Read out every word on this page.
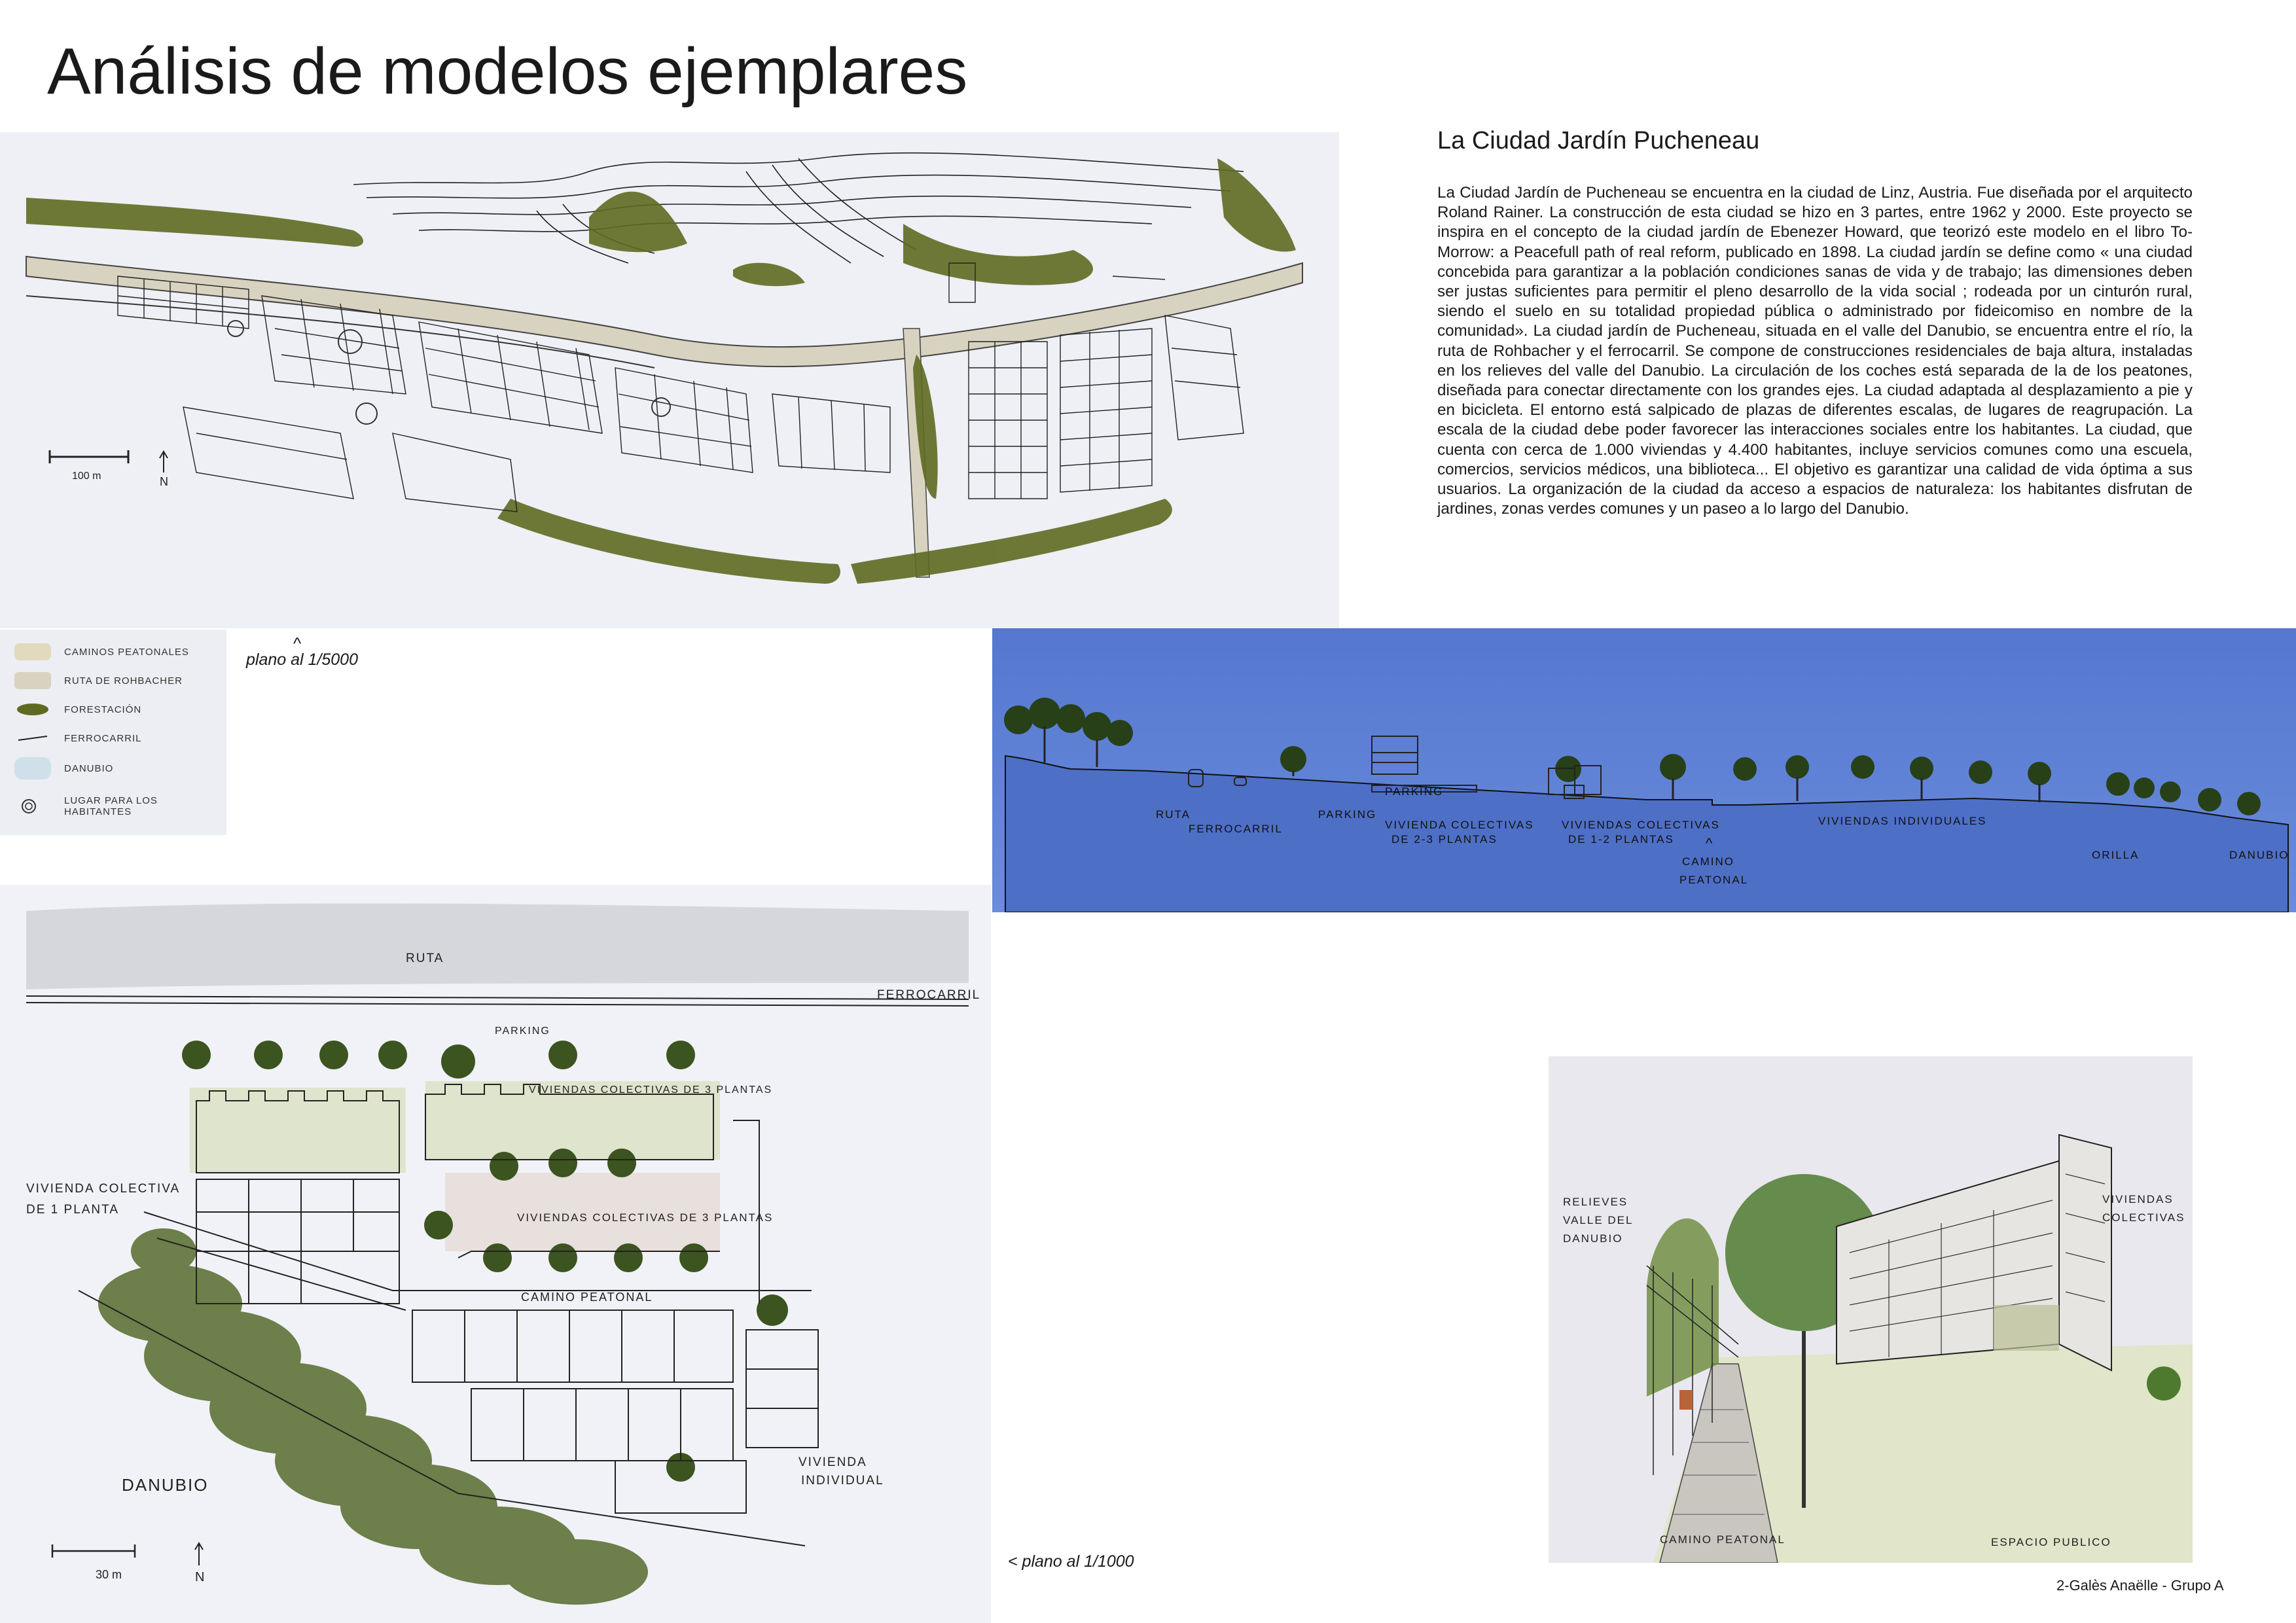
Análisis de modelos ejemplares
100 m	N
La Ciudad Jardín Pucheneau

La Ciudad Jardín de Pucheneau se encuentra en la ciudad de Linz, Austria. Fue diseñada por el arquitecto Roland Rainer. La construcción de esta ciudad se hizo en 3 partes, entre 1962 y 2000. Este proyecto se inspira en el concepto de la ciudad jardín de Ebenezer Howard, que teorizó este modelo en el libro To-Morrow: a Peacefull path of real reform, publicado en 1898. La ciudad jardín se define como « una ciudad concebida para garantizar a la población condiciones sanas de vida y de trabajo; las dimensiones deben ser justas suficientes para permitir el pleno desarrollo de la vida social ; rodeada por un cinturón rural, siendo el suelo en su totalidad propiedad pública o administrado por fideicomiso en nombre de la comunidad». La ciudad jardín de Pucheneau, situada en el valle del Danubio, se encuentra entre el río, la ruta de Rohbacher y el ferrocarril. Se compone de construcciones residenciales de baja altura, instaladas en los relieves del valle del Danubio. La circulación de los coches está separada de la de los peatones, diseñada para conectar directamente con los grandes ejes. La ciudad adaptada al desplazamiento a pie y en bicicleta. El entorno está salpicado de plazas de diferentes escalas, de lugares de reagrupación. La escala de la ciudad debe poder favorecer las interacciones sociales entre los habitantes. La ciudad, que cuenta con cerca de 1.000 viviendas y 4.400 habitantes, incluye servicios comunes como una escuela, comercios, servicios médicos, una biblioteca... El objetivo es garantizar una calidad de vida óptima a sus usuarios. La organización de la ciudad da acceso a espacios de naturaleza: los habitantes disfrutan de jardines, zonas verdes comunes y un paseo a lo largo del Danubio.

CAMINOS PEATONALES
RUTA DE ROHBACHER
FORESTACIÓN
FERROCARRIL
DANUBIO
LUGAR PARA LOS HABITANTES
^
plano al 1/5000
RUTA
FERROCARRIL
PARKING
PARKING
VIVIENDA COLECTIVAS
DE 2-3 PLANTAS
VIVIENDAS COLECTIVAS
DE 1-2 PLANTAS ^
CAMINO
PEATONAL
VIVIENDAS INDIVIDUALES
ORILLA	DANUBIO
30 m	N
RUTA
FERROCARRIL
PARKING
VIVIENDAS COLECTIVAS DE 3 PLANTAS
VIVIENDA COLECTIVA
DE 1 PLANTA
VIVIENDAS COLECTIVAS DE 3 PLANTAS
CAMINO PEATONAL
VIVIENDA
INDIVIDUAL
DANUBIO
< plano al 1/1000
RELIEVES
VALLE DEL
DANUBIO
VIVIENDAS
COLECTIVAS
CAMINO PEATONAL	ESPACIO PUBLICO
2-Galès Anaëlle - Grupo A
